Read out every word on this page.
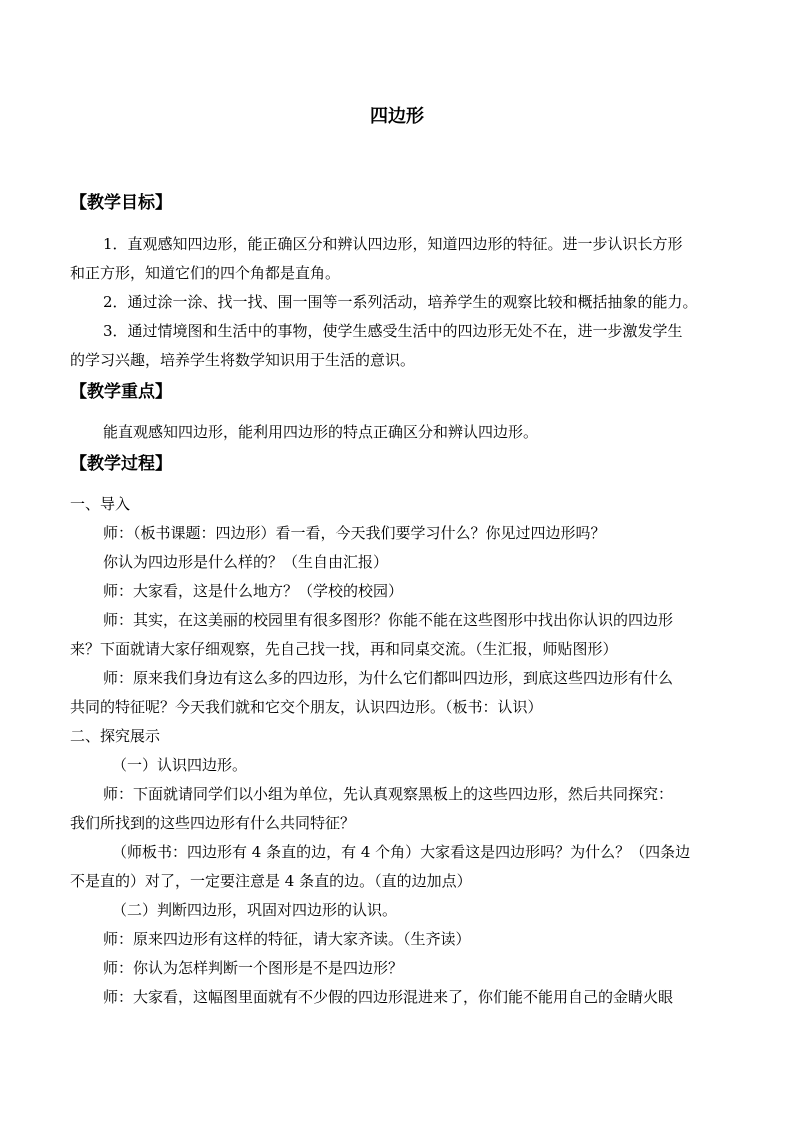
四边形
【教学目标】
1．直观感知四边形，能正确区分和辨认四边形，知道四边形的特征。进一步认识长方形
和正方形，知道它们的四个角都是直角。
2．通过涂一涂、找一找、围一围等一系列活动，培养学生的观察比较和概括抽象的能力。
3．通过情境图和生活中的事物，使学生感受生活中的四边形无处不在，进一步激发学生
的学习兴趣，培养学生将数学知识用于生活的意识。
【教学重点】
能直观感知四边形，能利用四边形的特点正确区分和辨认四边形。
【教学过程】
一、导入
师：（板书课题：四边形）看一看，今天我们要学习什么？你见过四边形吗？
你认为四边形是什么样的？（生自由汇报）
师：大家看，这是什么地方？（学校的校园）
师：其实，在这美丽的校园里有很多图形？你能不能在这些图形中找出你认识的四边形
来？下面就请大家仔细观察，先自己找一找，再和同桌交流。（生汇报，师贴图形）
师：原来我们身边有这么多的四边形，为什么它们都叫四边形，到底这些四边形有什么
共同的特征呢？今天我们就和它交个朋友，认识四边形。（板书：认识）
二、探究展示
（一）认识四边形。
师：下面就请同学们以小组为单位，先认真观察黑板上的这些四边形，然后共同探究：
我们所找到的这些四边形有什么共同特征？
（师板书：四边形有 4 条直的边，有 4 个角）大家看这是四边形吗？为什么？（四条边
不是直的）对了，一定要注意是 4 条直的边。（直的边加点）
（二）判断四边形，巩固对四边形的认识。
师：原来四边形有这样的特征，请大家齐读。（生齐读）
师：你认为怎样判断一个图形是不是四边形？
师：大家看，这幅图里面就有不少假的四边形混进来了，你们能不能用自己的金睛火眼
